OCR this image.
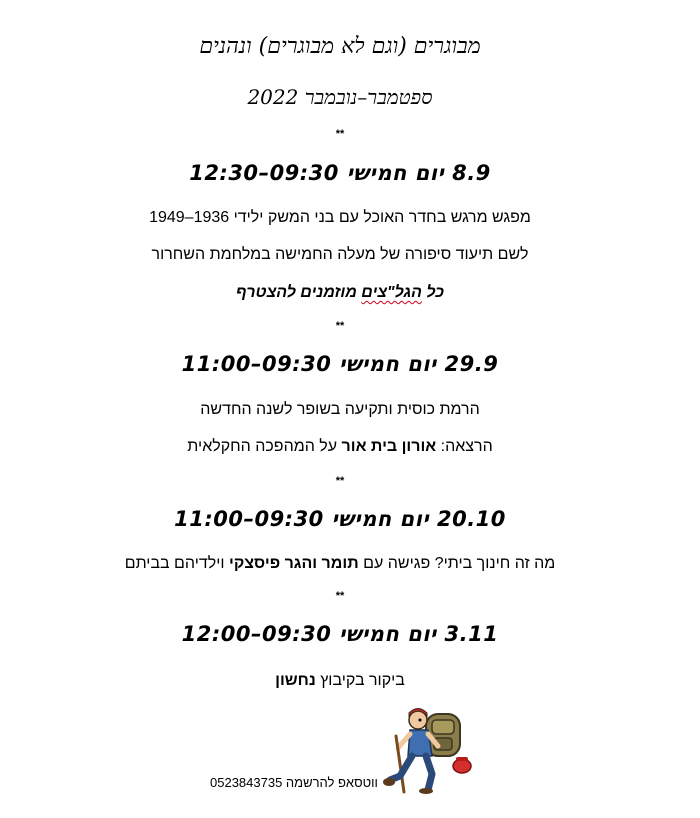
מבוגרים (וגם לא מבוגרים) ונהנים
ספטמבר–נובמבר 2022
**
8.9 יום חמישי 09:30–12:30
מפגש מרגש בחדר האוכל עם בני המשק ילידי 1936–1949
לשם תיעוד סיפורה של מעלה החמישה במלחמת השחרור
כל הגל"צים מוזמנים להצטרף
**
29.9 יום חמישי 09:30–11:00
הרמת כוסית ותקיעה בשופר לשנה החדשה
הרצאה: אורון בית אור על המהפכה החקלאית
**
20.10 יום חמישי 09:30–11:00
מה זה חינוך ביתי? פגישה עם תומר והגר פיסצקי וילדיהם בביתם
**
3.11 יום חמישי 09:30–12:00
ביקור בקיבוץ נחשון
ווטסאפ להרשמה 0523843735
